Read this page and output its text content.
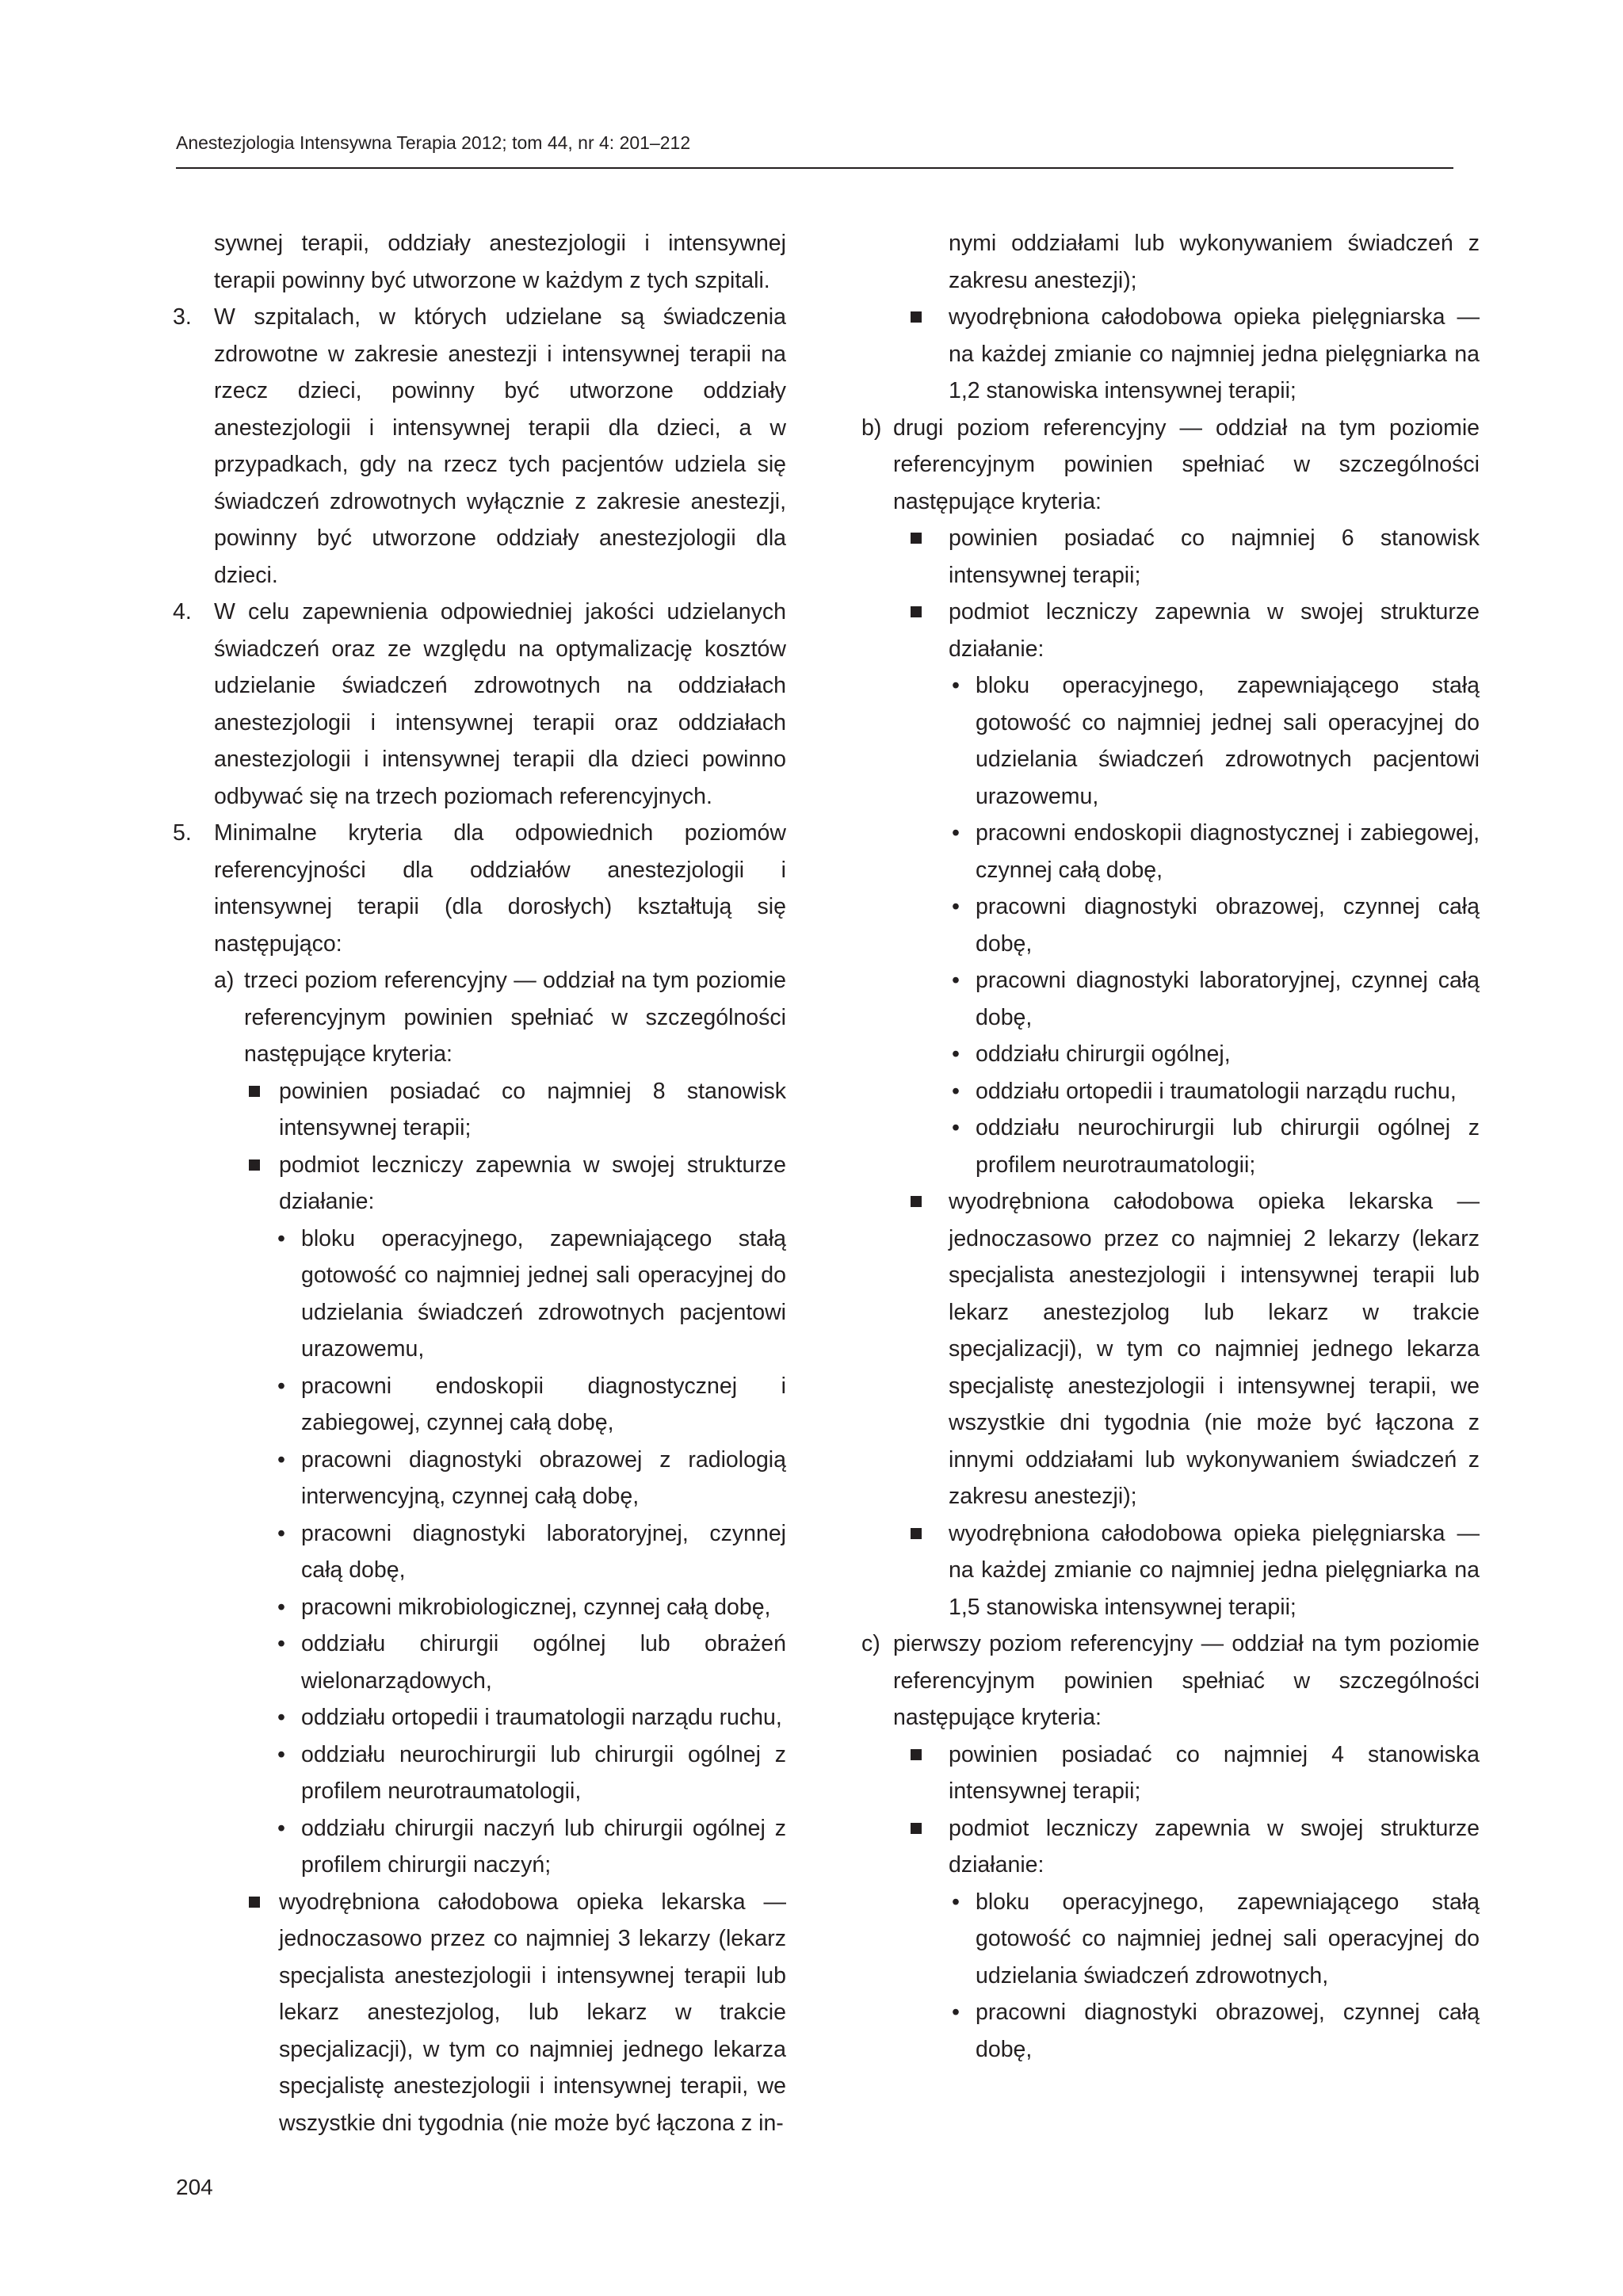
Anestezjologia Intensywna Terapia 2012; tom 44, nr 4: 201–212
sywnej terapii, oddziały anestezjologii i intensywnej terapii powinny być utworzone w każdym z tych szpitali.
3. W szpitalach, w których udzielane są świadczenia zdrowotne w zakresie anestezji i intensywnej terapii na rzecz dzieci, powinny być utworzone oddziały anestezjologii i intensywnej terapii dla dzieci, a w przypadkach, gdy na rzecz tych pacjentów udziela się świadczeń zdrowotnych wyłącznie z zakresie anestezji, powinny być utworzone oddziały anestezjologii dla dzieci.
4. W celu zapewnienia odpowiedniej jakości udzielanych świadczeń oraz ze względu na optymalizację kosztów udzielanie świadczeń zdrowotnych na oddziałach anestezjologii i intensywnej terapii oraz oddziałach anestezjologii i intensywnej terapii dla dzieci powinno odbywać się na trzech poziomach referencyjnych.
5. Minimalne kryteria dla odpowiednich poziomów referencyjności dla oddziałów anestezjologii i intensywnej terapii (dla dorosłych) kształtują się następująco:
a) trzeci poziom referencyjny — oddział na tym poziomie referencyjnym powinien spełniać w szczególności następujące kryteria:
powinien posiadać co najmniej 8 stanowisk intensywnej terapii;
podmiot leczniczy zapewnia w swojej strukturze działanie:
• bloku operacyjnego, zapewniającego stałą gotowość co najmniej jednej sali operacyjnej do udzielania świadczeń zdrowotnych pacjentowi urazowemu,
• pracowni endoskopii diagnostycznej i zabiegowej, czynnej całą dobę,
• pracowni diagnostyki obrazowej z radiologią interwencyjną, czynnej całą dobę,
• pracowni diagnostyki laboratoryjnej, czynnej całą dobę,
• pracowni mikrobiologicznej, czynnej całą dobę,
• oddziału chirurgii ogólnej lub obrażeń wielonarządowych,
• oddziału ortopedii i traumatologii narządu ruchu,
• oddziału neurochirurgii lub chirurgii ogólnej z profilem neurotraumatologii,
• oddziału chirurgii naczyń lub chirurgii ogólnej z profilem chirurgii naczyń;
wyodrębniona całodobowa opieka lekarska — jednoczasowo przez co najmniej 3 lekarzy (lekarz specjalista anestezjologii i intensywnej terapii lub lekarz anestezjolog, lub lekarz w trakcie specjalizacji), w tym co najmniej jednego lekarza specjalistę anestezjologii i intensywnej terapii, we wszystkie dni tygodnia (nie może być łączona z in-
nymi oddziałami lub wykonywaniem świadczeń z zakresu anestezji);
wyodrębniona całodobowa opieka pielęgniarska — na każdej zmianie co najmniej jedna pielęgniarka na 1,2 stanowiska intensywnej terapii;
b) drugi poziom referencyjny — oddział na tym poziomie referencyjnym powinien spełniać w szczególności następujące kryteria:
powinien posiadać co najmniej 6 stanowisk intensywnej terapii;
podmiot leczniczy zapewnia w swojej strukturze działanie:
• bloku operacyjnego, zapewniającego stałą gotowość co najmniej jednej sali operacyjnej do udzielania świadczeń zdrowotnych pacjentowi urazowemu,
• pracowni endoskopii diagnostycznej i zabiegowej, czynnej całą dobę,
• pracowni diagnostyki obrazowej, czynnej całą dobę,
• pracowni diagnostyki laboratoryjnej, czynnej całą dobę,
• oddziału chirurgii ogólnej,
• oddziału ortopedii i traumatologii narządu ruchu,
• oddziału neurochirurgii lub chirurgii ogólnej z profilem neurotraumatologii;
wyodrębniona całodobowa opieka lekarska — jednoczasowo przez co najmniej 2 lekarzy (lekarz specjalista anestezjologii i intensywnej terapii lub lekarz anestezjolog lub lekarz w trakcie specjalizacji), w tym co najmniej jednego lekarza specjalistę anestezjologii i intensywnej terapii, we wszystkie dni tygodnia (nie może być łączona z innymi oddziałami lub wykonywaniem świadczeń z zakresu anestezji);
wyodrębniona całodobowa opieka pielęgniarska — na każdej zmianie co najmniej jedna pielęgniarka na 1,5 stanowiska intensywnej terapii;
c) pierwszy poziom referencyjny — oddział na tym poziomie referencyjnym powinien spełniać w szczególności następujące kryteria:
powinien posiadać co najmniej 4 stanowiska intensywnej terapii;
podmiot leczniczy zapewnia w swojej strukturze działanie:
• bloku operacyjnego, zapewniającego stałą gotowość co najmniej jednej sali operacyjnej do udzielania świadczeń zdrowotnych,
• pracowni diagnostyki obrazowej, czynnej całą dobę,
204
